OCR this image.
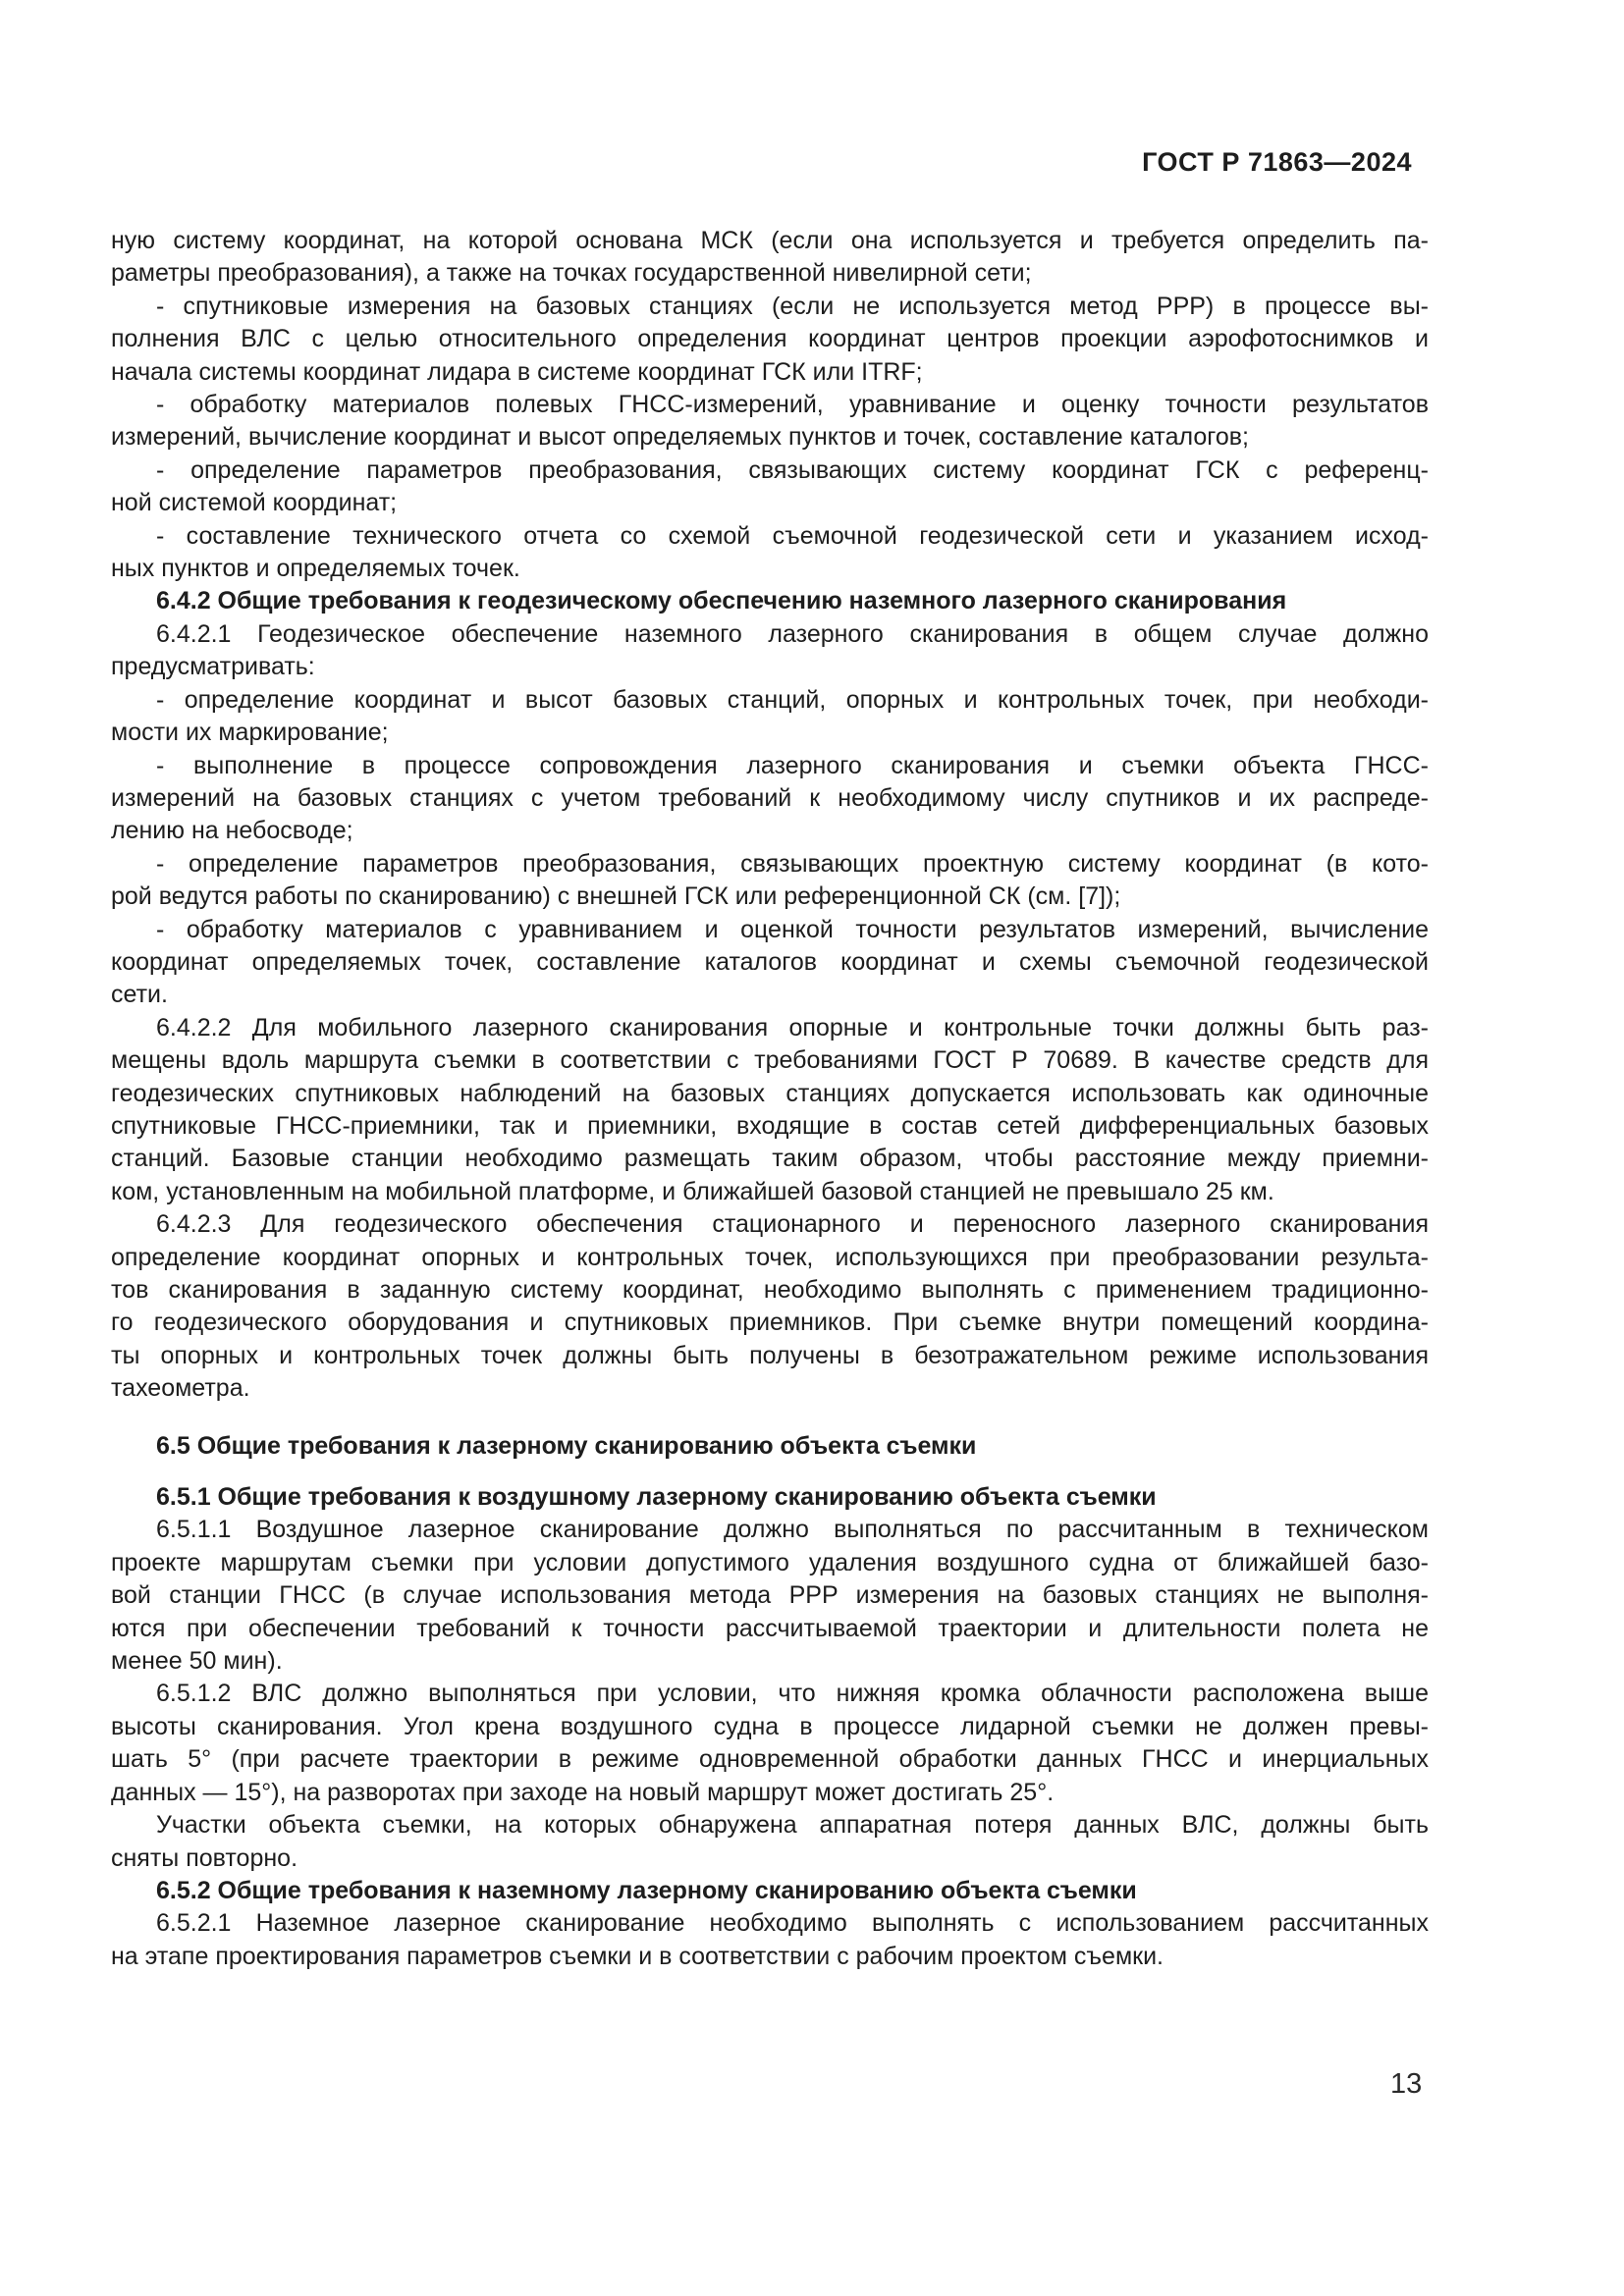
ГОСТ Р 71863—2024
ную систему координат, на которой основана МСК (если она используется и требуется определить па-
раметры преобразования), а также на точках государственной нивелирной сети;
- спутниковые измерения на базовых станциях (если не используется метод PPP) в процессе вы-
полнения ВЛС с целью относительного определения координат центров проекции аэрофотоснимков и
начала системы координат лидара в системе координат ГСК или ITRF;
- обработку материалов полевых ГНСС-измерений, уравнивание и оценку точности результатов
измерений, вычисление координат и высот определяемых пунктов и точек, составление каталогов;
- определение параметров преобразования, связывающих систему координат ГСК с референц-
ной системой координат;
- составление технического отчета со схемой съемочной геодезической сети и указанием исход-
ных пунктов и определяемых точек.
6.4.2 Общие требования к геодезическому обеспечению наземного лазерного сканирования
6.4.2.1 Геодезическое обеспечение наземного лазерного сканирования в общем случае должно
предусматривать:
- определение координат и высот базовых станций, опорных и контрольных точек, при необходи-
мости их маркирование;
- выполнение в процессе сопровождения лазерного сканирования и съемки объекта ГНСС-
измерений на базовых станциях с учетом требований к необходимому числу спутников и их распреде-
лению на небосводе;
- определение параметров преобразования, связывающих проектную систему координат (в кото-
рой ведутся работы по сканированию) с внешней ГСК или референционной СК (см. [7]);
- обработку материалов с уравниванием и оценкой точности результатов измерений, вычисление
координат определяемых точек, составление каталогов координат и схемы съемочной геодезической
сети.
6.4.2.2 Для мобильного лазерного сканирования опорные и контрольные точки должны быть раз-
мещены вдоль маршрута съемки в соответствии с требованиями ГОСТ Р 70689. В качестве средств для
геодезических спутниковых наблюдений на базовых станциях допускается использовать как одиночные
спутниковые ГНСС-приемники, так и приемники, входящие в состав сетей дифференциальных базовых
станций. Базовые станции необходимо размещать таким образом, чтобы расстояние между приемни-
ком, установленным на мобильной платформе, и ближайшей базовой станцией не превышало 25 км.
6.4.2.3 Для геодезического обеспечения стационарного и переносного лазерного сканирования
определение координат опорных и контрольных точек, использующихся при преобразовании результа-
тов сканирования в заданную систему координат, необходимо выполнять с применением традиционно-
го геодезического оборудования и спутниковых приемников. При съемке внутри помещений координа-
ты опорных и контрольных точек должны быть получены в безотражательном режиме использования
тахеометра.
6.5 Общие требования к лазерному сканированию объекта съемки
6.5.1 Общие требования к воздушному лазерному сканированию объекта съемки
6.5.1.1 Воздушное лазерное сканирование должно выполняться по рассчитанным в техническом
проекте маршрутам съемки при условии допустимого удаления воздушного судна от ближайшей базо-
вой станции ГНСС (в случае использования метода PPP измерения на базовых станциях не выполня-
ются при обеспечении требований к точности рассчитываемой траектории и длительности полета не
менее 50 мин).
6.5.1.2 ВЛС должно выполняться при условии, что нижняя кромка облачности расположена выше
высоты сканирования. Угол крена воздушного судна в процессе лидарной съемки не должен превы-
шать 5° (при расчете траектории в режиме одновременной обработки данных ГНСС и инерциальных
данных — 15°), на разворотах при заходе на новый маршрут может достигать 25°.
Участки объекта съемки, на которых обнаружена аппаратная потеря данных ВЛС, должны быть
сняты повторно.
6.5.2 Общие требования к наземному лазерному сканированию объекта съемки
6.5.2.1 Наземное лазерное сканирование необходимо выполнять с использованием рассчитанных
на этапе проектирования параметров съемки и в соответствии с рабочим проектом съемки.
13
